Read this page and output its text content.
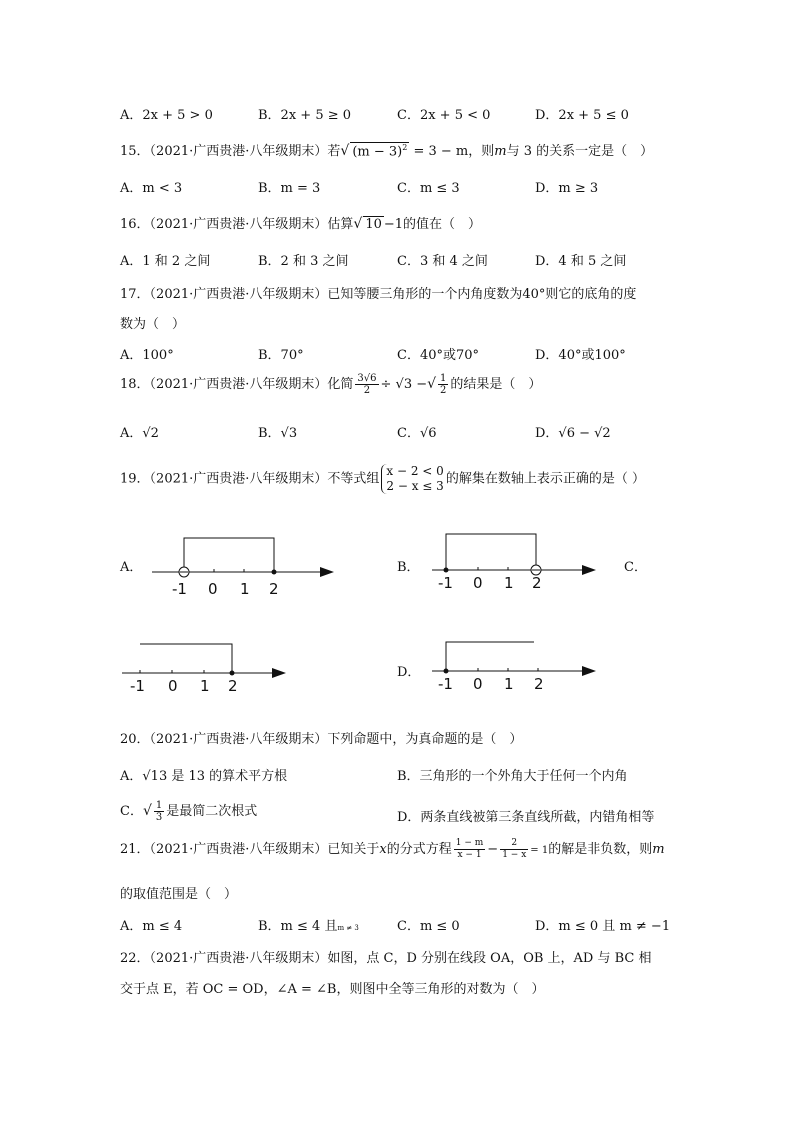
A．2x + 5 > 0	B．2x + 5 ≥ 0	C．2x + 5 < 0	D．2x + 5 ≤ 0
15．（2021·广西贵港·八年级期末）若√ $(m - 3)^2 = 3 - m$，则m与 3 的关系一定是（　）
A．m < 3	B．m = 3	C．m ≤ 3	D．m ≥ 3
16．（2021·广西贵港·八年级期末）估算√ 10 −1的值在（　）
A．1 和 2 之间	B．2 和 3 之间	C．3 和 4 之间	D．4 和 5 之间
17．（2021·广西贵港·八年级期末）已知等腰三角形的一个内角度数为40°则它的底角的度
数为（　）
A．100°	B．70°	C．40°或70°	D．40°或100°
18．（2021·广西贵港·八年级期末）化简 $\frac{3√6}{2} \div √3$ −√ $\frac{1}{2}$ 的结果是（　）
A．√2	B．√3	C．√6	D．√6 − √2
19．（2021·广西贵港·八年级期末）不等式组
x − 2 < 0
2 − x ≤ 3 的解集在数轴上表示正确的是（ ）
A．	B．	C．
D．
-1 0 1 2	-1 0 1 2
-1 0 1 2	-1 0 1 2
20．（2021·广西贵港·八年级期末）下列命题中，为真命题的是（　）
A．√13 是 13 的算术平方根	B．三角形的一个外角大于任何一个内角
C．√ $\frac{1}{3}$ 是最简二次根式	D．两条直线被第三条直线所截，内错角相等
21．（2021·广西贵港·八年级期末）已知关于x的分式方程 $\frac{1 - m}{x - 1} - \frac{2}{1 - x} = 1$的解是非负数，则m
的取值范围是（　）
A．m ≤ 4	B．m ≤ 4 且m ≠ 3	C．m ≤ 0	D．m ≤ 0 且 m ≠ −1
22．（2021·广西贵港·八年级期末）如图，点 C，D 分别在线段 OA，OB 上，AD 与 BC 相
交于点 E，若 OC = OD，∠A = ∠B，则图中全等三角形的对数为（　）
